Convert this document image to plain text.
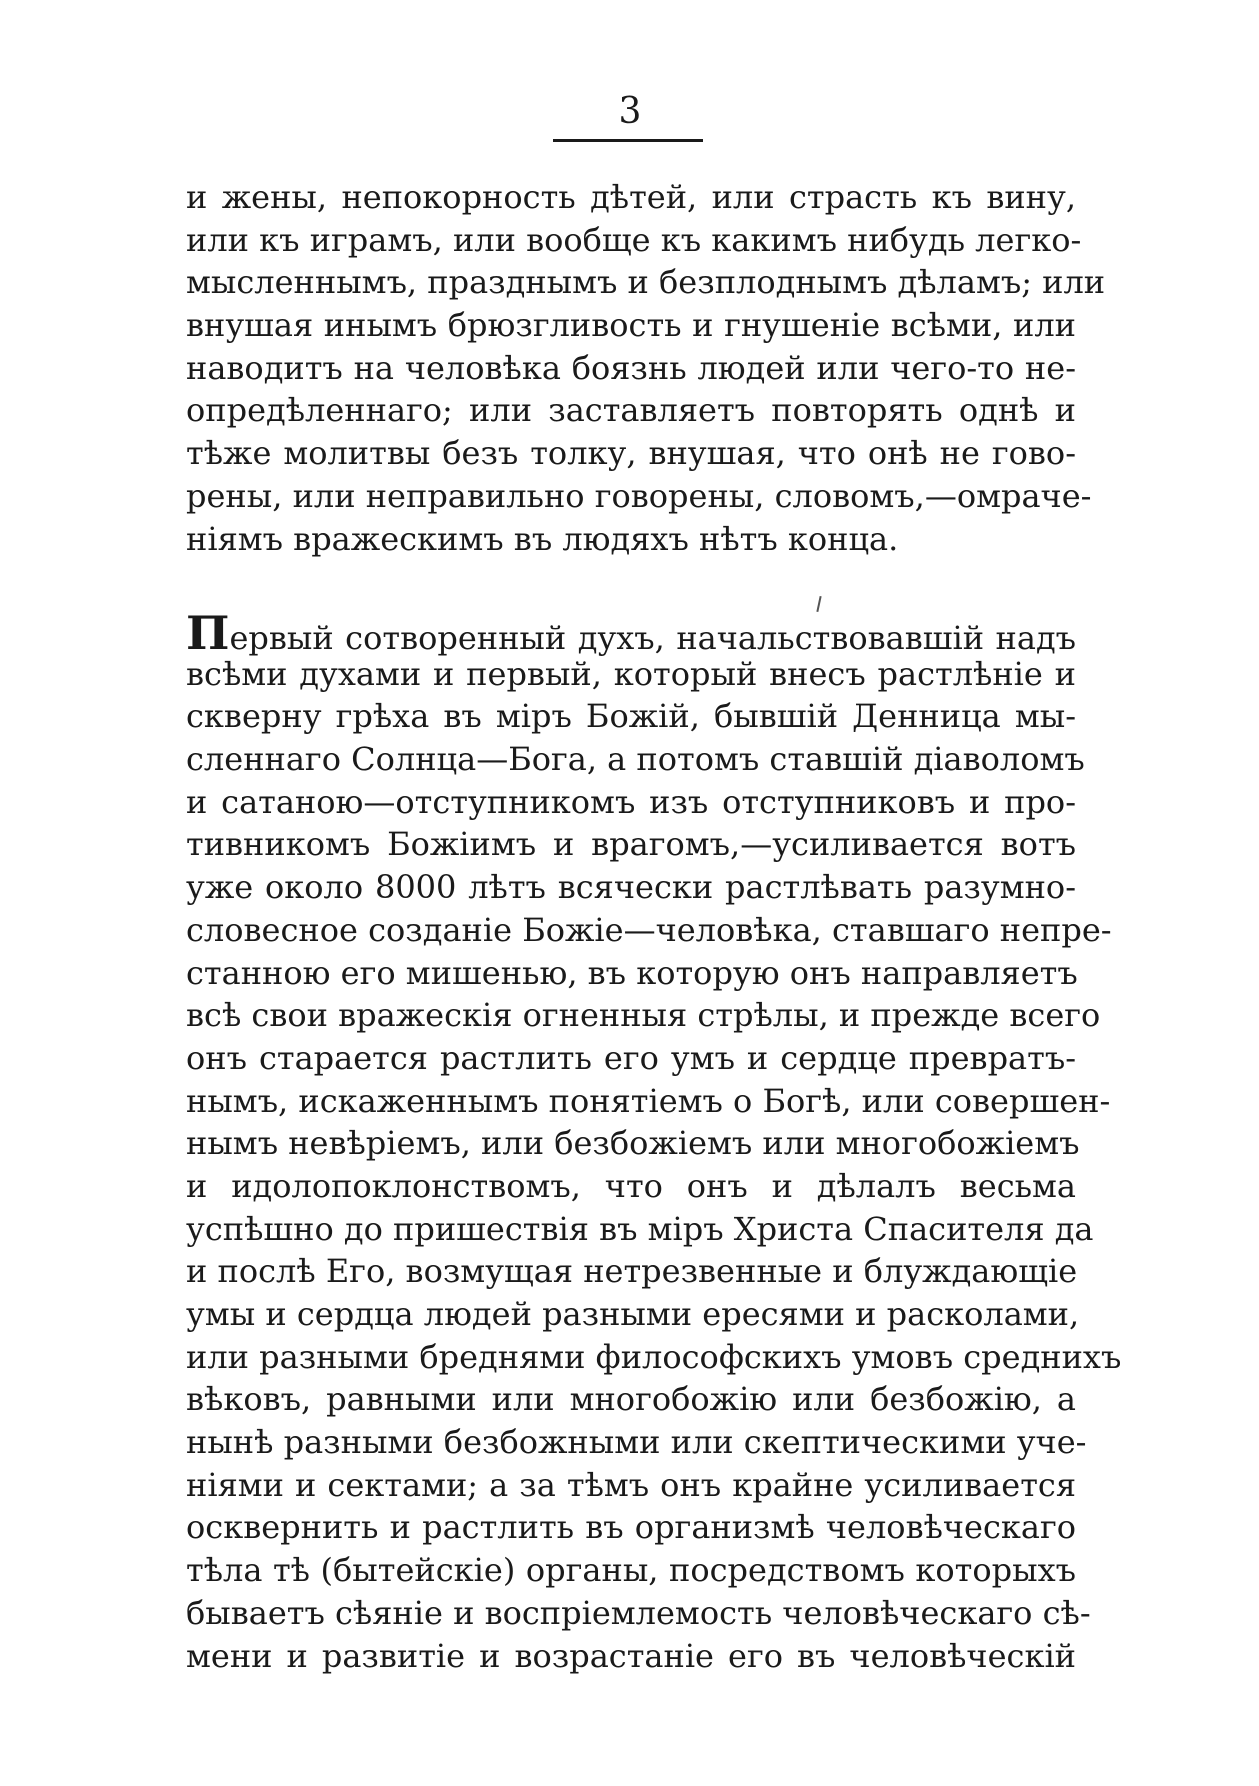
3
и жены, непокорность дѣтей, или страсть къ вину,
или къ играмъ, или вообще къ какимъ нибудь легко-
мысленнымъ, празднымъ и безплоднымъ дѣламъ; или
внушая инымъ брюзгливость и гнушеніе всѣми, или
наводитъ на человѣка боязнь людей или чего-то не-
опредѣленнаго; или заставляетъ повторять однѣ и
тѣже молитвы безъ толку, внушая, что онѣ не гово-
рены, или неправильно говорены, словомъ,—омраче-
ніямъ вражескимъ въ людяхъ нѣтъ конца.
Первый сотворенный духъ, начальствовавшій надъ
всѣми духами и первый, который внесъ растлѣніе и
скверну грѣха въ міръ Божій, бывшій Денница мы-
сленнаго Солнца—Бога, а потомъ ставшій діаволомъ
и сатаною—отступникомъ изъ отступниковъ и про-
тивникомъ Божіимъ и врагомъ,—усиливается вотъ
уже около 8000 лѣтъ всячески растлѣвать разумно-
словесное созданіе Божіе—человѣка, ставшаго непре-
станною его мишенью, въ которую онъ направляетъ
всѣ свои вражескія огненныя стрѣлы, и прежде всего
онъ старается растлить его умъ и сердце превратъ-
нымъ, искаженнымъ понятіемъ о Богѣ, или совершен-
нымъ невѣріемъ, или безбожіемъ или многобожіемъ
и идолопоклонствомъ, что онъ и дѣлалъ весьма
успѣшно до пришествія въ міръ Христа Спасителя да
и послѣ Его, возмущая нетрезвенные и блуждающіе
умы и сердца людей разными ересями и расколами,
или разными бреднями философскихъ умовъ среднихъ
вѣковъ, равными или многобожію или безбожію, а
нынѣ разными безбожными или скептическими уче-
ніями и сектами; а за тѣмъ онъ крайне усиливается
осквернить и растлить въ организмѣ человѣческаго
тѣла тѣ (бытейскіе) органы, посредствомъ которыхъ
бываетъ сѣяніе и воспріемлемость человѣческаго сѣ-
мени и развитіе и возрастаніе его въ человѣческій
